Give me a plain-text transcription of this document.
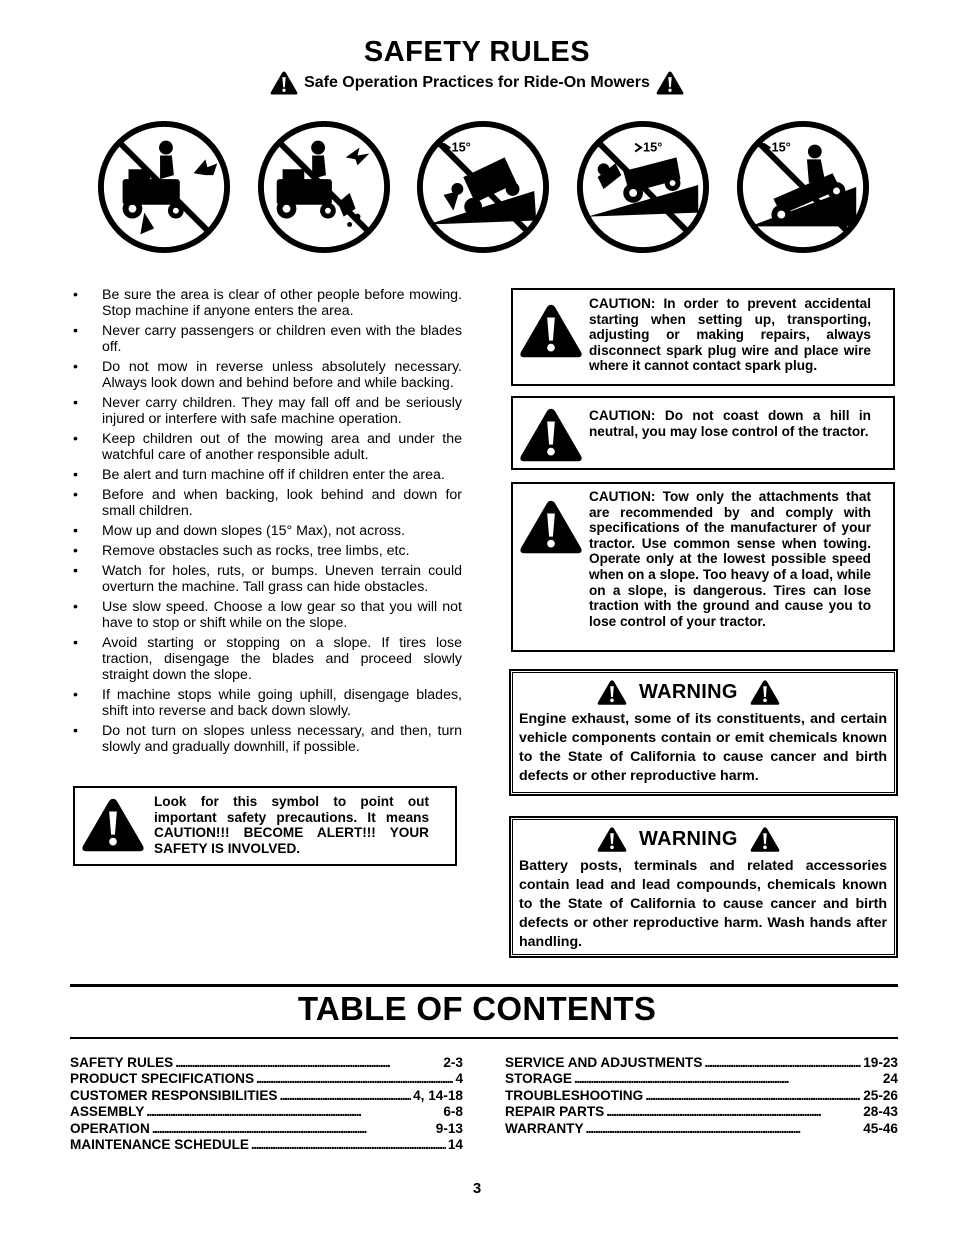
SAFETY RULES
Safe Operation Practices for Ride-On Mowers
15°	15°	15°
• Be sure the area is clear of other people before mowing. Stop machine if anyone enters the area.
• Never carry passengers or children even with the blades off.
• Do not mow in reverse unless absolutely necessary. Always look down and behind before and while backing.
• Never carry children. They may fall off and be seriously injured or interfere with safe machine operation.
• Keep children out of the mowing area and under the watchful care of another responsible adult.
• Be alert and turn machine off if children enter the area.
• Before and when backing, look behind and down for small children.
• Mow up and down slopes (15° Max), not across.
• Remove obstacles such as rocks, tree limbs, etc.
• Watch for holes, ruts, or bumps. Uneven terrain could overturn the machine. Tall grass can hide obstacles.
• Use slow speed. Choose a low gear so that you will not have to stop or shift while on the slope.
• Avoid starting or stopping on a slope. If tires lose traction, disengage the blades and proceed slowly straight down the slope.
• If machine stops while going uphill, disengage blades, shift into reverse and back down slowly.
• Do not turn on slopes unless necessary, and then, turn slowly and gradually downhill, if possible.
Look for this symbol to point out important safety precautions. It means CAUTION!!! BECOME ALERT!!! YOUR SAFETY IS INVOLVED.
CAUTION: In order to prevent accidental starting when setting up, transporting, adjusting or making repairs, always disconnect spark plug wire and place wire where it cannot contact spark plug.
CAUTION: Do not coast down a hill in neutral, you may lose control of the tractor.
CAUTION: Tow only the attachments that are recommended by and comply with specifications of the manufacturer of your tractor. Use common sense when towing. Operate only at the lowest possible speed when on a slope. Too heavy of a load, while on a slope, is dangerous. Tires can lose traction with the ground and cause you to lose control of your tractor.
WARNING
Engine exhaust, some of its constituents, and certain vehicle components contain or emit chemicals known to the State of California to cause cancer and birth defects or other reproductive harm.
WARNING
Battery posts, terminals and related accessories contain lead and lead compounds, chemicals known to the State of California to cause cancer and birth defects or other reproductive harm. Wash hands after handling.
TABLE OF CONTENTS
SAFETY RULES . . .	2-3
PRODUCT SPECIFICATIONS . . .	4
CUSTOMER RESPONSIBILITIES . . .	4, 14-18
ASSEMBLY . . .	6-8
OPERATION . . .	9-13
MAINTENANCE SCHEDULE . . .	14
SERVICE AND ADJUSTMENTS . . .	19-23
STORAGE . . .	24
TROUBLESHOOTING . . .	25-26
REPAIR PARTS . . .	28-43
WARRANTY . . .	45-46
3
